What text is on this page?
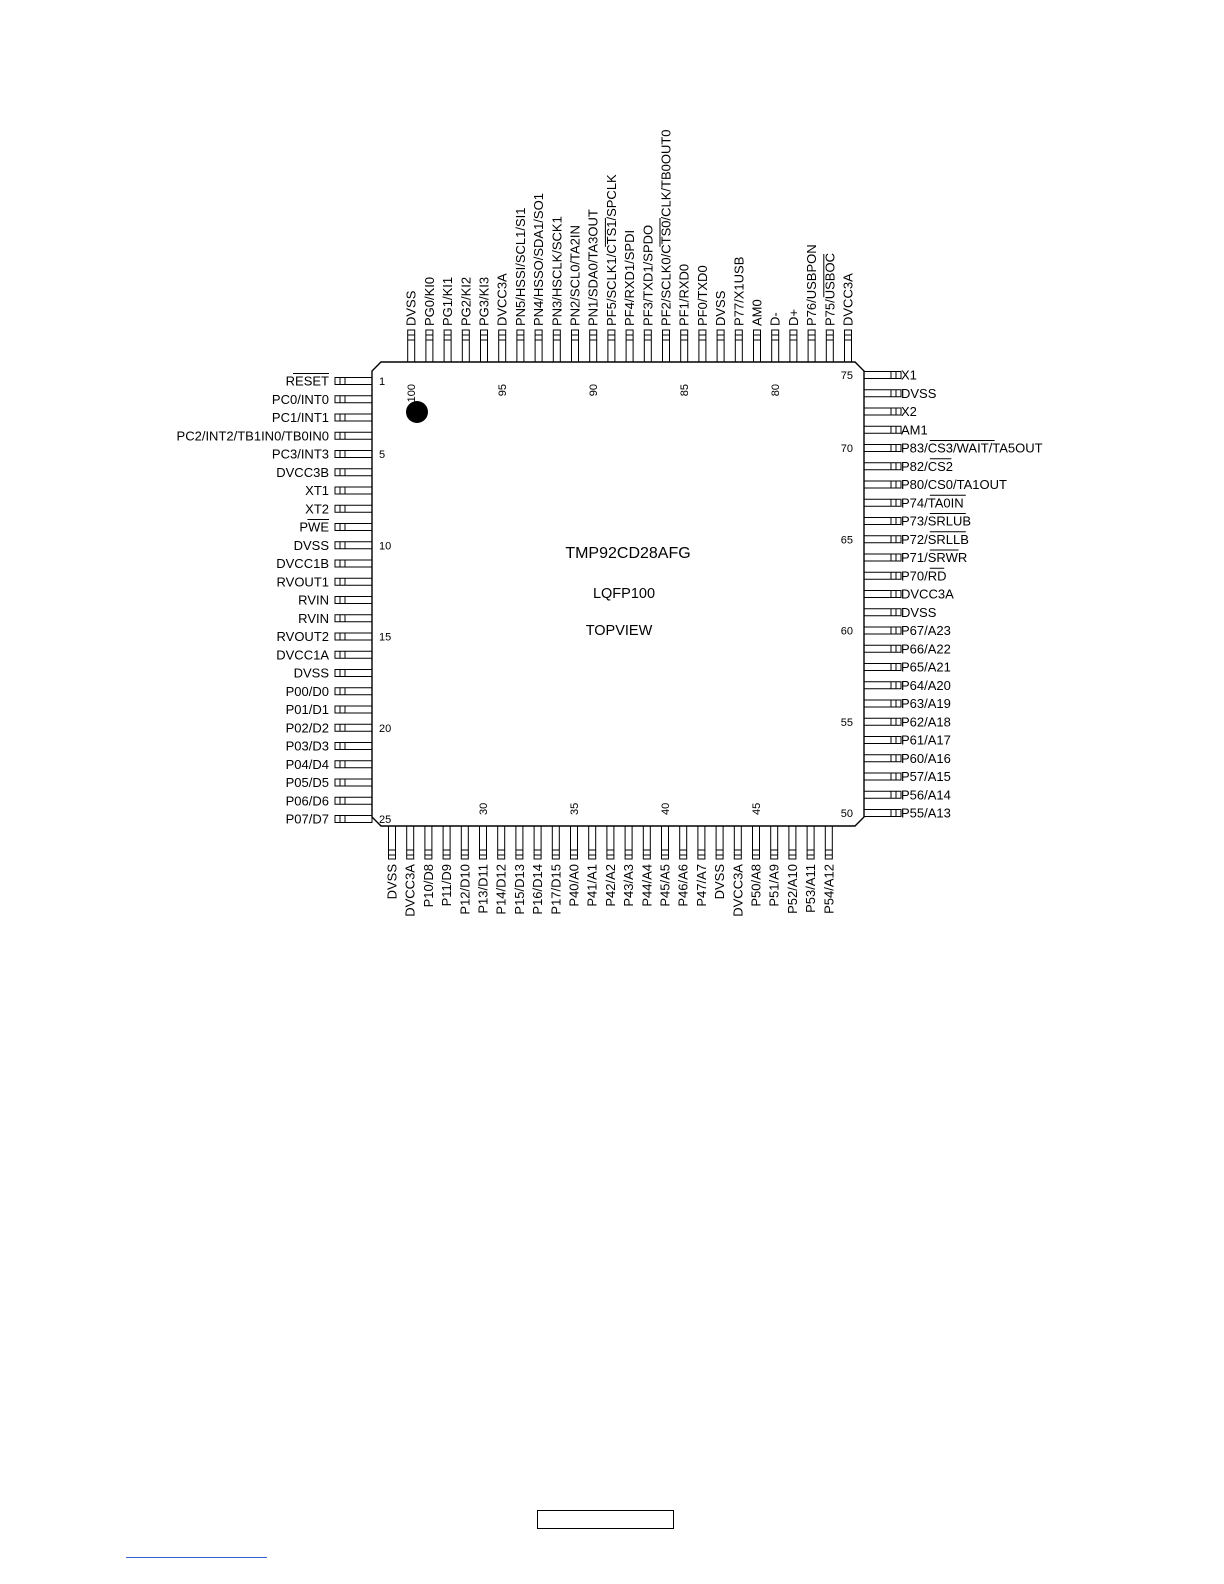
TMP92CD28AFG
LQFP100
TOPVIEW
1
5
10
15
20
25	50
55
60
65
70
75
30	35	40	45
80
85
90
95
100
RESET
PC0/INT0
PC1/INT1
PC2/INT2/TB1IN0/TB0IN0
PC3/INT3
DVCC3B
XT1
XT2
PWE
DVSS
DVCC1B
RVOUT1
RVIN
RVIN
RVOUT2
DVCC1A
DVSS
P00/D0
P01/D1
P02/D2
P03/D3
P04/D4
P05/D5
P06/D6
P07/D7	P55/A13
P56/A14
P57/A15
P60/A16
P61/A17
P62/A18
P63/A19
P64/A20
P65/A21
P66/A22
P67/A23
DVSS
DVCC3A
P70/RD
P71/SRWR
P72/SRLLB
P73/SRLUB
P74/TA0IN
P80/CS0/TA1OUT
P82/CS2
P83/CS3/WAIT/TA5OUT
AM1
X2
DVSS
X1
DVSS DVCC3A P10/D8 P11/D9 P12/D10 P13/D11 P14/D12 P15/D13 P16/D14 P17/D15 P40/A0 P41/A1 P42/A2 P43/A3 P44/A4 P45/A5 P46/A6 P47/A7 DVSS DVCC3A P50/A8 P51/A9 P52/A10 P53/A11 P54/A12
DVCC3A
P75/USBOC
P76/USBPON
D+
D-
AM0
P77/X1USB
DVSS
PF0/TXD0
PF1/RXD0
PF2/SCLK0/CTS0/CLK/TB0OUT0
PF3/TXD1/SPDO
PF4/RXD1/SPDI
PF5/SCLK1/CTS1/SPCLK
PN1/SDA0/TA3OUT
PN2/SCL0/TA2IN
PN3/HSCLK/SCK1
PN4/HSSO/SDA1/SO1
PN5/HSSI/SCL1/SI1
DVCC3A
PG3/KI3
PG2/KI2
PG1/KI1
PG0/KI0
DVSS
